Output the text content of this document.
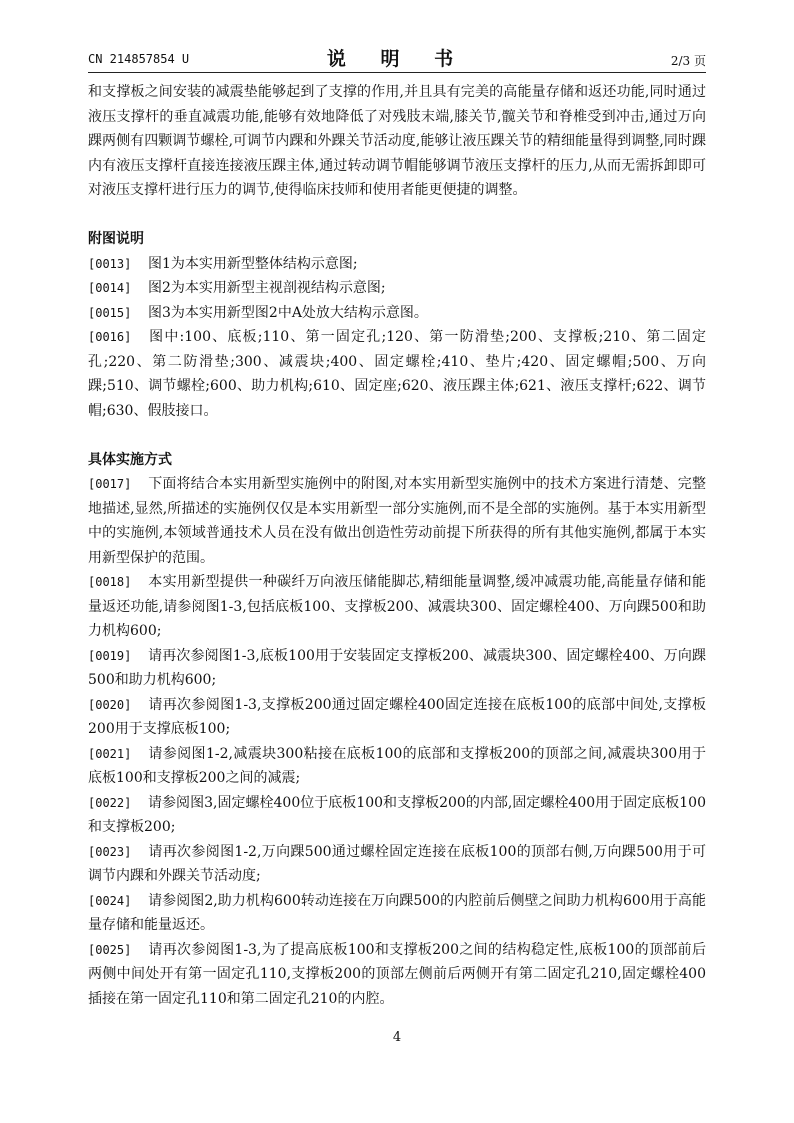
CN 214857854 U	说 明 书	2/3 页

和支撑板之间安装的减震垫能够起到了支撑的作用,并且具有完美的高能量存储和返还功能,同时通过液压支撑杆的垂直减震功能,能够有效地降低了对残肢末端,膝关节,髋关节和脊椎受到冲击,通过万向踝两侧有四颗调节螺栓,可调节内踝和外踝关节活动度,能够让液压踝关节的精细能量得到调整,同时踝内有液压支撑杆直接连接液压踝主体,通过转动调节帽能够调节液压支撑杆的压力,从而无需拆卸即可对液压支撑杆进行压力的调节,使得临床技师和使用者能更便捷的调整。

附图说明

[0013] 图1为本实用新型整体结构示意图;

[0014] 图2为本实用新型主视剖视结构示意图;

[0015] 图3为本实用新型图2中A处放大结构示意图。

[0016] 图中:100、底板;110、第一固定孔;120、第一防滑垫;200、支撑板;210、第二固定孔;220、第二防滑垫;300、减震块;400、固定螺栓;410、垫片;420、固定螺帽;500、万向踝;510、调节螺栓;600、助力机构;610、固定座;620、液压踝主体;621、液压支撑杆;622、调节帽;630、假肢接口。

具体实施方式

[0017] 下面将结合本实用新型实施例中的附图,对本实用新型实施例中的技术方案进行清楚、完整地描述,显然,所描述的实施例仅仅是本实用新型一部分实施例,而不是全部的实施例。基于本实用新型中的实施例,本领域普通技术人员在没有做出创造性劳动前提下所获得的所有其他实施例,都属于本实用新型保护的范围。

[0018] 本实用新型提供一种碳纤万向液压储能脚芯,精细能量调整,缓冲减震功能,高能量存储和能量返还功能,请参阅图1-3,包括底板100、支撑板200、减震块300、固定螺栓400、万向踝500和助力机构600;

[0019] 请再次参阅图1-3,底板100用于安装固定支撑板200、减震块300、固定螺栓400、万向踝500和助力机构600;

[0020] 请再次参阅图1-3,支撑板200通过固定螺栓400固定连接在底板100的底部中间处,支撑板200用于支撑底板100;

[0021] 请参阅图1-2,减震块300粘接在底板100的底部和支撑板200的顶部之间,减震块300用于底板100和支撑板200之间的减震;

[0022] 请参阅图3,固定螺栓400位于底板100和支撑板200的内部,固定螺栓400用于固定底板100和支撑板200;

[0023] 请再次参阅图1-2,万向踝500通过螺栓固定连接在底板100的顶部右侧,万向踝500用于可调节内踝和外踝关节活动度;

[0024] 请参阅图2,助力机构600转动连接在万向踝500的内腔前后侧壁之间助力机构600用于高能量存储和能量返还。

[0025] 请再次参阅图1-3,为了提高底板100和支撑板200之间的结构稳定性,底板100的顶部前后两侧中间处开有第一固定孔110,支撑板200的顶部左侧前后两侧开有第二固定孔210,固定螺栓400插接在第一固定孔110和第二固定孔210的内腔。

4
